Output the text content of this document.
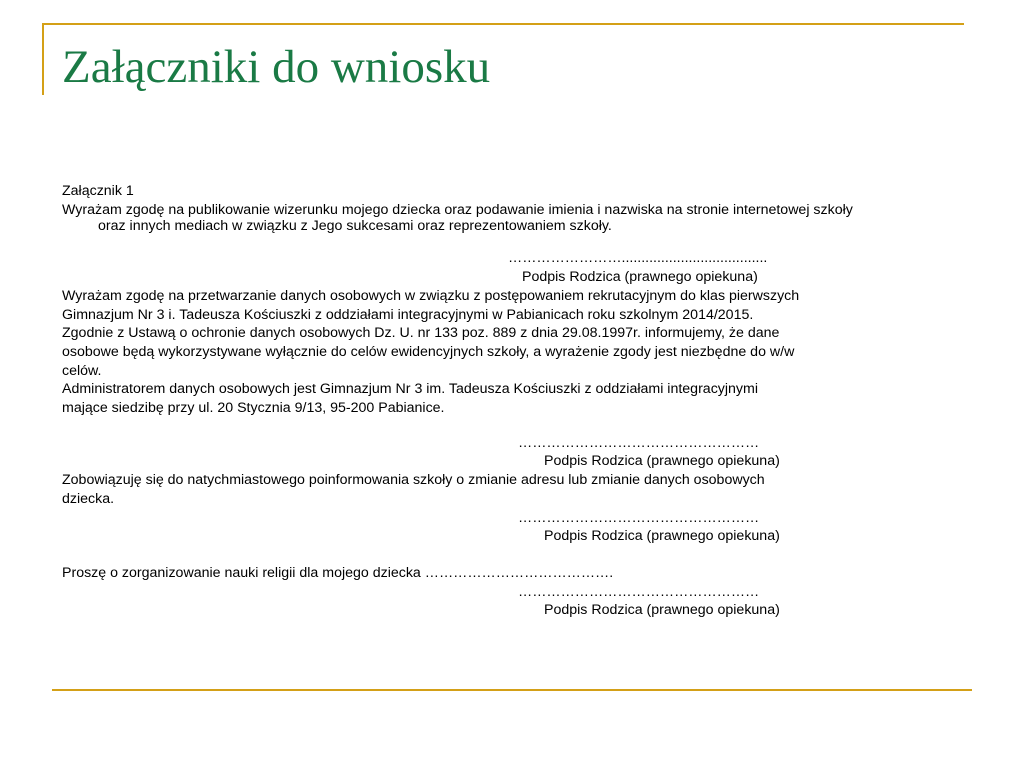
Załączniki do wniosku

Załącznik 1

Wyrażam zgodę na publikowanie wizerunku mojego dziecka oraz podawanie imienia i nazwiska na stronie internetowej szkoły
oraz innych mediach w związku z Jego sukcesami oraz reprezentowaniem szkoły.

…………………….....................................

Podpis Rodzica (prawnego opiekuna)

Wyrażam zgodę na przetwarzanie danych osobowych w związku z postępowaniem rekrutacyjnym do klas pierwszych

Gimnazjum Nr 3 i. Tadeusza Kościuszki z oddziałami integracyjnymi w Pabianicach roku szkolnym 2014/2015.

Zgodnie z Ustawą o ochronie danych osobowych Dz. U. nr 133 poz. 889 z dnia 29.08.1997r. informujemy, że dane

osobowe będą wykorzystywane wyłącznie do celów ewidencyjnych szkoły, a wyrażenie zgody jest niezbędne do w/w

celów.

Administratorem danych osobowych jest Gimnazjum Nr 3 im. Tadeusza Kościuszki z oddziałami integracyjnymi

mające siedzibę przy ul. 20 Stycznia 9/13, 95-200 Pabianice.

……………………………………………

Podpis Rodzica (prawnego opiekuna)

Zobowiązuję się do natychmiastowego poinformowania szkoły o zmianie adresu lub zmianie danych osobowych

dziecka.

……………………………………………

Podpis Rodzica (prawnego opiekuna)

Proszę o zorganizowanie nauki religii dla mojego dziecka ………………………………….

……………………………………………

Podpis Rodzica (prawnego opiekuna)
